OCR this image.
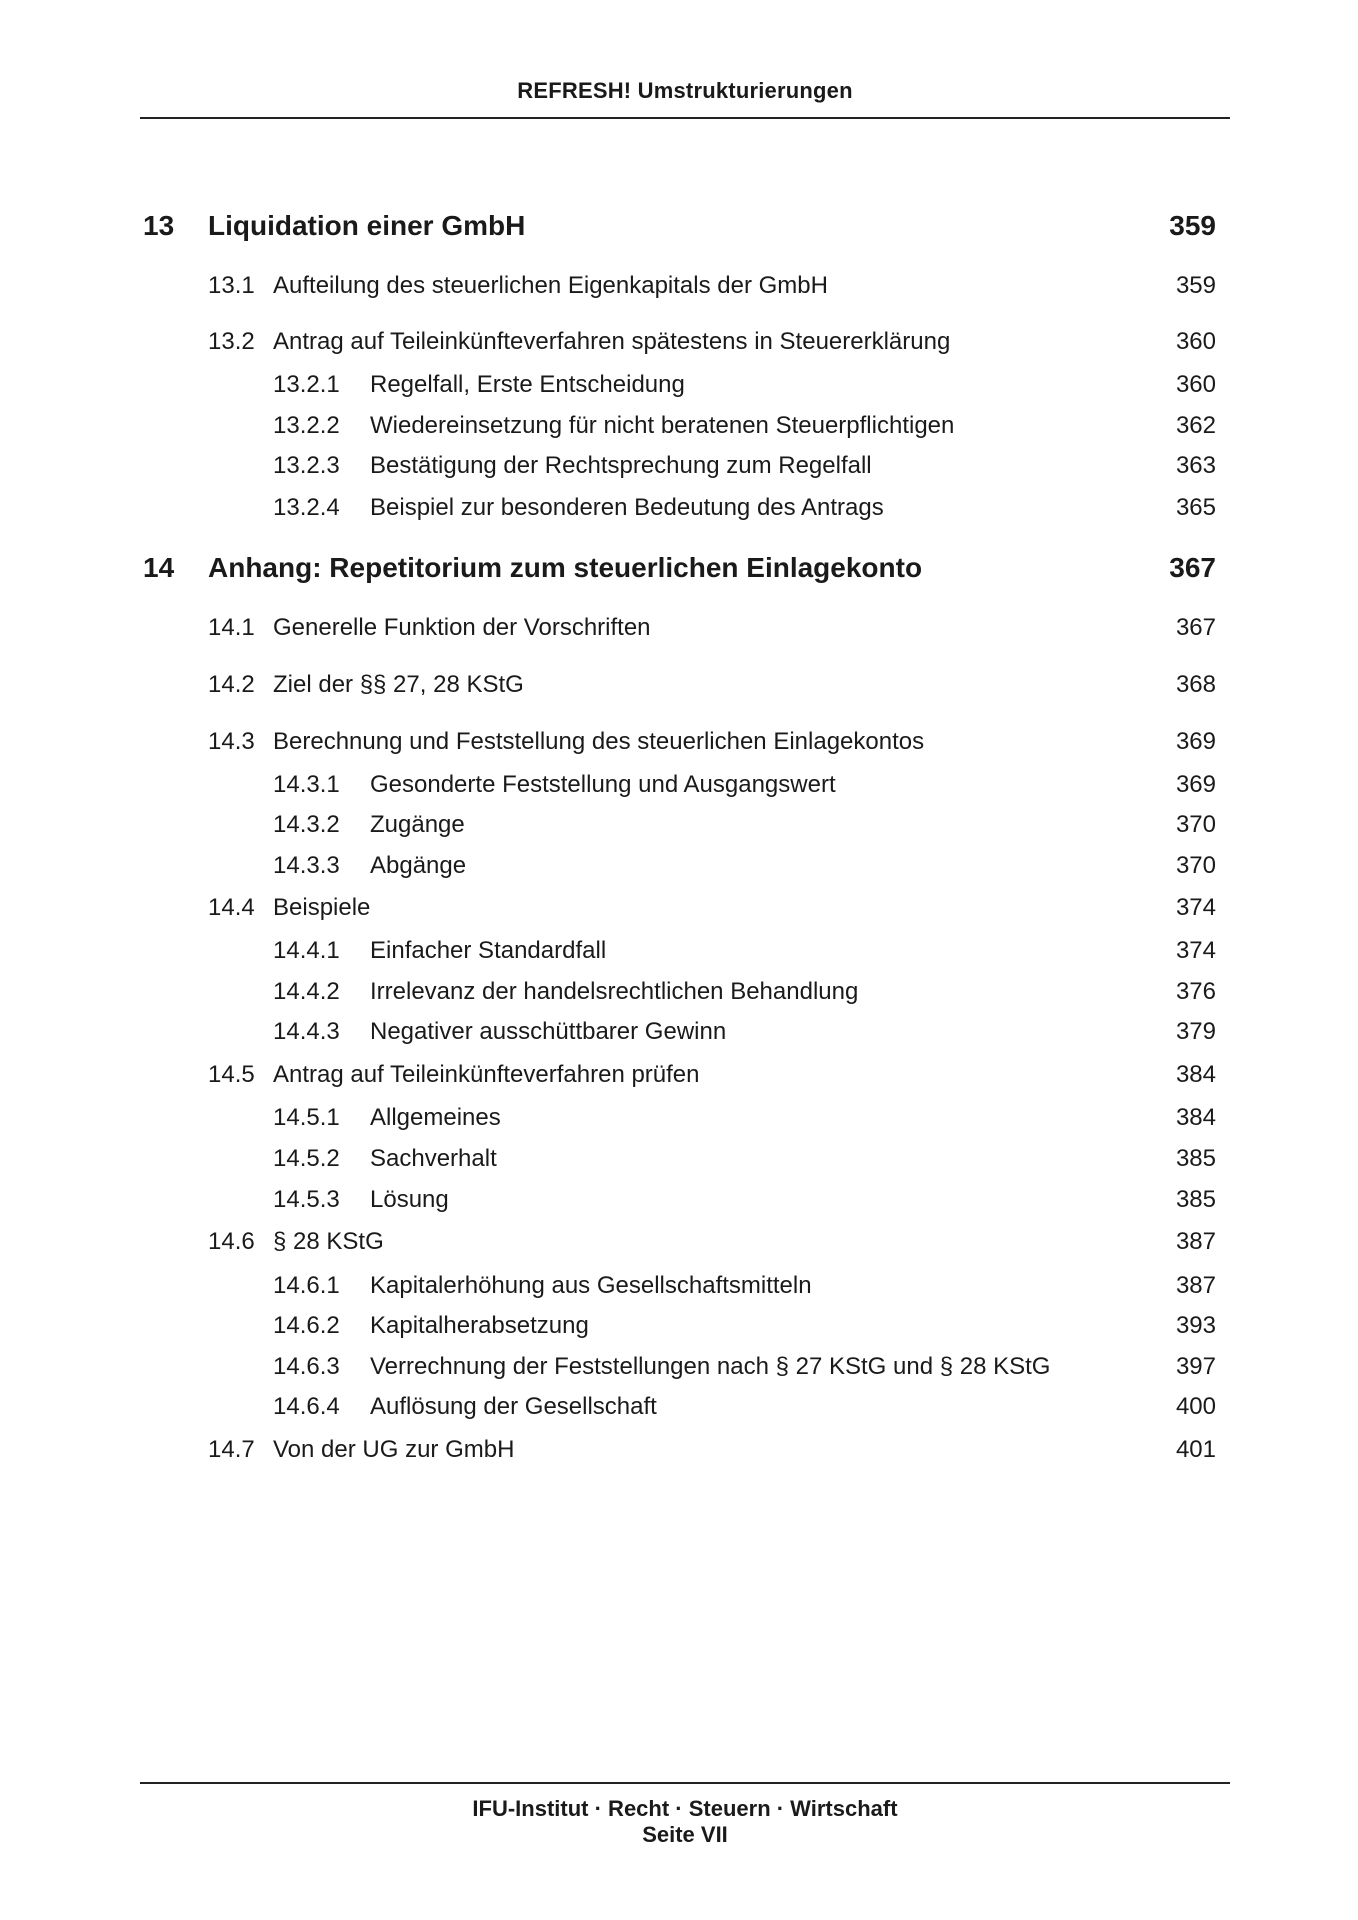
REFRESH! Umstrukturierungen
13 Liquidation einer GmbH	359
13.1 Aufteilung des steuerlichen Eigenkapitals der GmbH	359
13.2 Antrag auf Teileinkünfteverfahren spätestens in Steuererklärung	360
13.2.1 Regelfall, Erste Entscheidung	360
13.2.2 Wiedereinsetzung für nicht beratenen Steuerpflichtigen	362
13.2.3 Bestätigung der Rechtsprechung zum Regelfall	363
13.2.4 Beispiel zur besonderen Bedeutung des Antrags	365
14 Anhang: Repetitorium zum steuerlichen Einlagekonto	367
14.1 Generelle Funktion der Vorschriften	367
14.2 Ziel der §§ 27, 28 KStG	368
14.3 Berechnung und Feststellung des steuerlichen Einlagekontos	369
14.3.1 Gesonderte Feststellung und Ausgangswert	369
14.3.2 Zugänge	370
14.3.3 Abgänge	370
14.4 Beispiele	374
14.4.1 Einfacher Standardfall	374
14.4.2 Irrelevanz der handelsrechtlichen Behandlung	376
14.4.3 Negativer ausschüttbarer Gewinn	379
14.5 Antrag auf Teileinkünfteverfahren prüfen	384
14.5.1 Allgemeines	384
14.5.2 Sachverhalt	385
14.5.3 Lösung	385
14.6 § 28 KStG	387
14.6.1 Kapitalerhöhung aus Gesellschaftsmitteln	387
14.6.2 Kapitalherabsetzung	393
14.6.3 Verrechnung der Feststellungen nach § 27 KStG und § 28 KStG	397
14.6.4 Auflösung der Gesellschaft	400
14.7 Von der UG zur GmbH	401
IFU-Institut · Recht · Steuern · Wirtschaft
Seite VII
